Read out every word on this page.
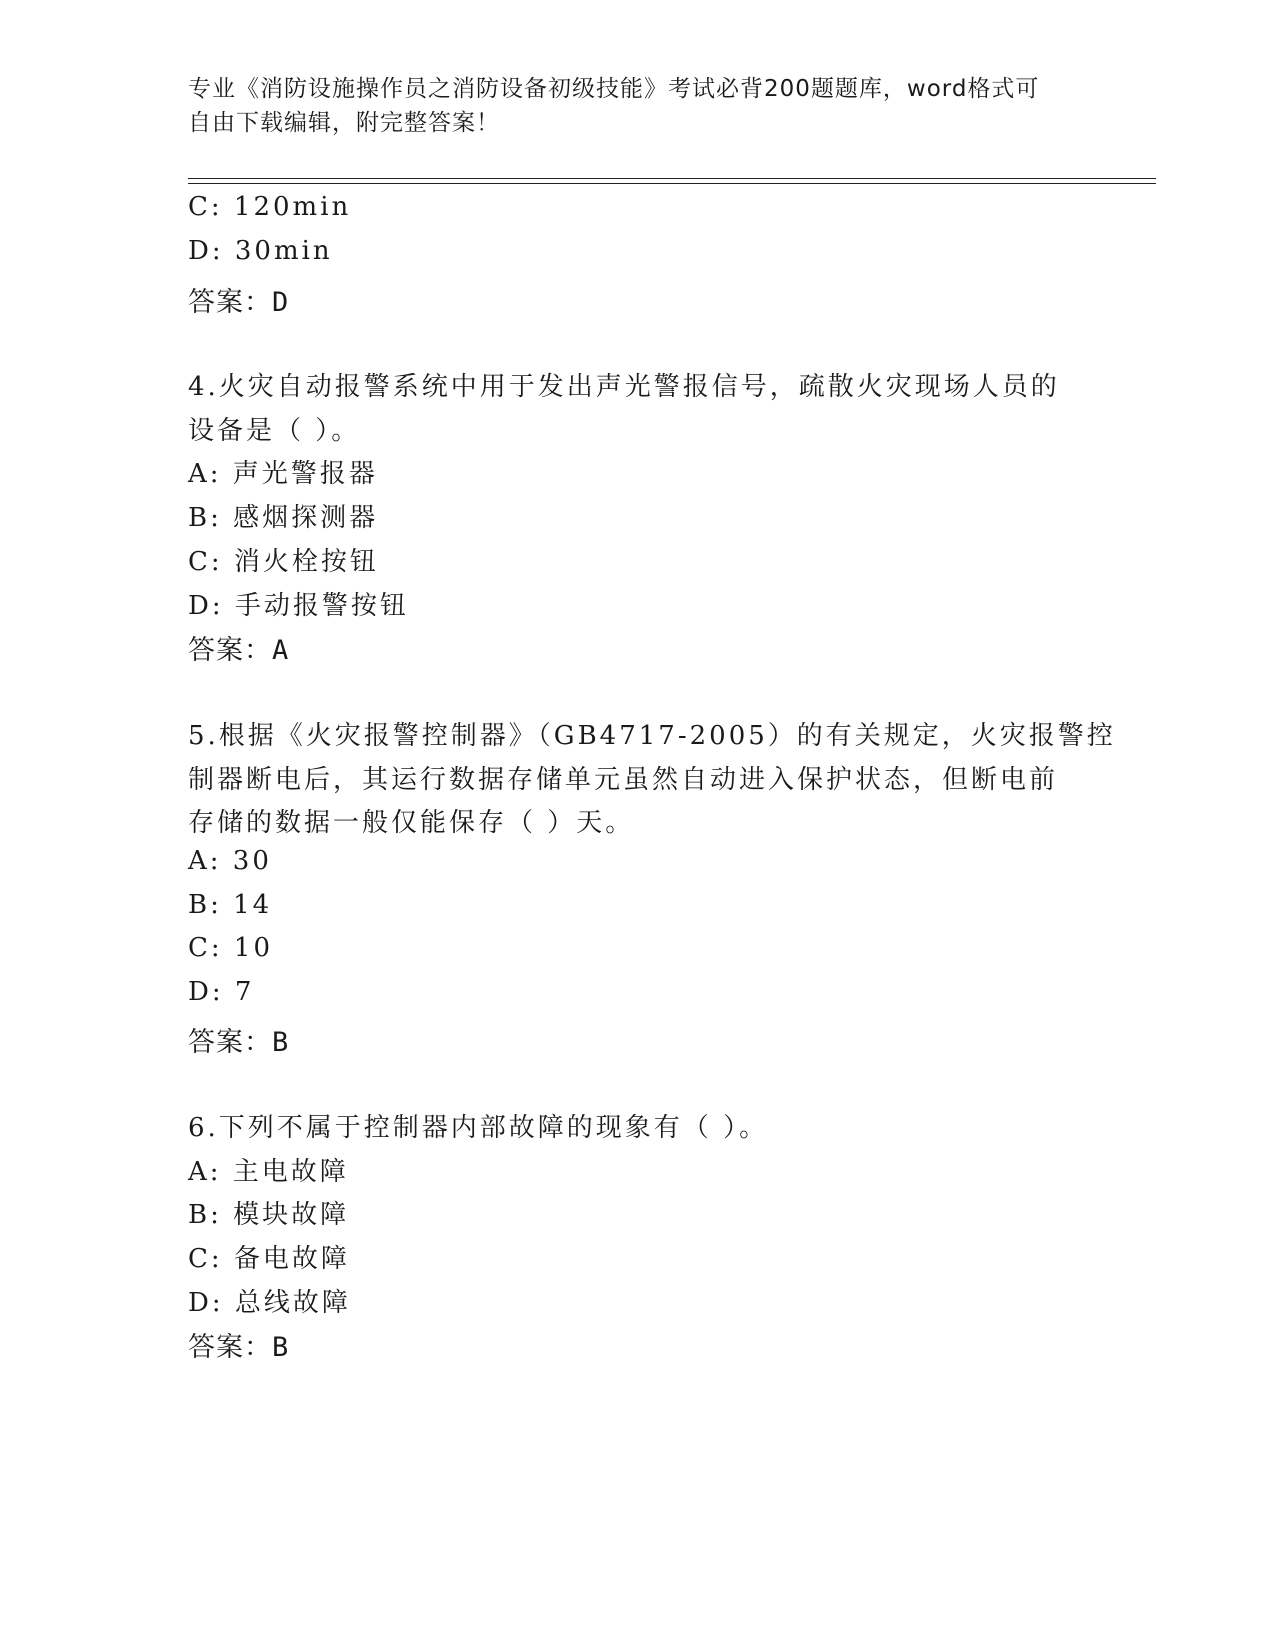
专业《消防设施操作员之消防设备初级技能》考试必背200题题库，word格式可
自由下载编辑，附完整答案！
C: 120min
D: 30min
答案：D
4.火灾自动报警系统中用于发出声光警报信号，疏散火灾现场人员的
设备是（ ）。
A: 声光警报器
B: 感烟探测器
C: 消火栓按钮
D: 手动报警按钮
答案：A
5.根据《火灾报警控制器》（GB4717-2005）的有关规定，火灾报警控
制器断电后，其运行数据存储单元虽然自动进入保护状态，但断电前
存储的数据一般仅能保存（ ）天。
A: 30
B: 14
C: 10
D: 7
答案：B
6.下列不属于控制器内部故障的现象有（ ）。
A: 主电故障
B: 模块故障
C: 备电故障
D: 总线故障
答案：B
